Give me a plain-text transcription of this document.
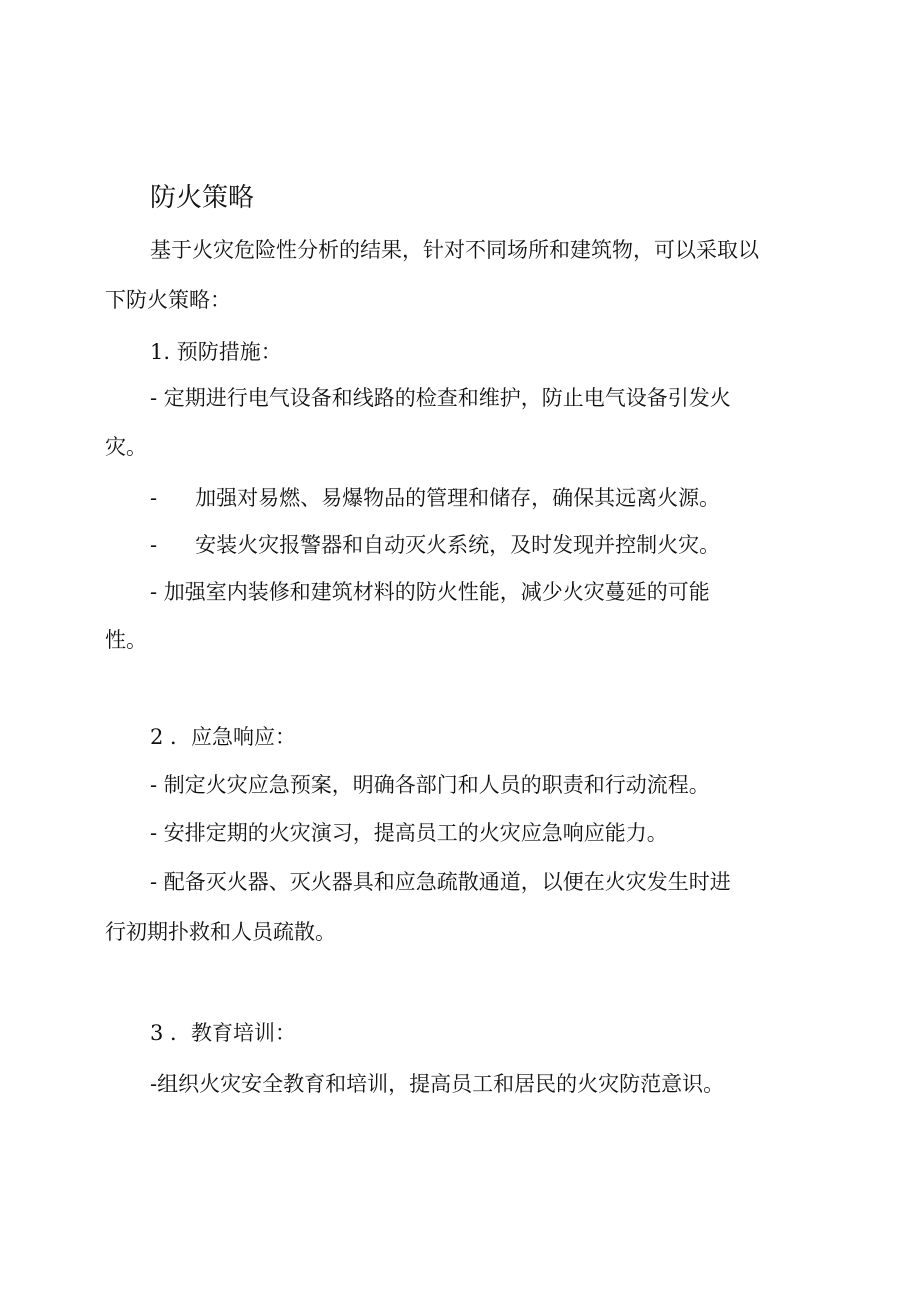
防火策略
基于火灾危险性分析的结果，针对不同场所和建筑物，可以采取以
下防火策略：
1. 预防措施：
- 定期进行电气设备和线路的检查和维护，防止电气设备引发火
灾。
- 加强对易燃、易爆物品的管理和储存，确保其远离火源。
- 安装火灾报警器和自动灭火系统，及时发现并控制火灾。
- 加强室内装修和建筑材料的防火性能，减少火灾蔓延的可能
性。
2 ．应急响应：
- 制定火灾应急预案，明确各部门和人员的职责和行动流程。
- 安排定期的火灾演习，提高员工的火灾应急响应能力。
- 配备灭火器、灭火器具和应急疏散通道，以便在火灾发生时进
行初期扑救和人员疏散。
3 ．教育培训：
-组织火灾安全教育和培训，提高员工和居民的火灾防范意识。
